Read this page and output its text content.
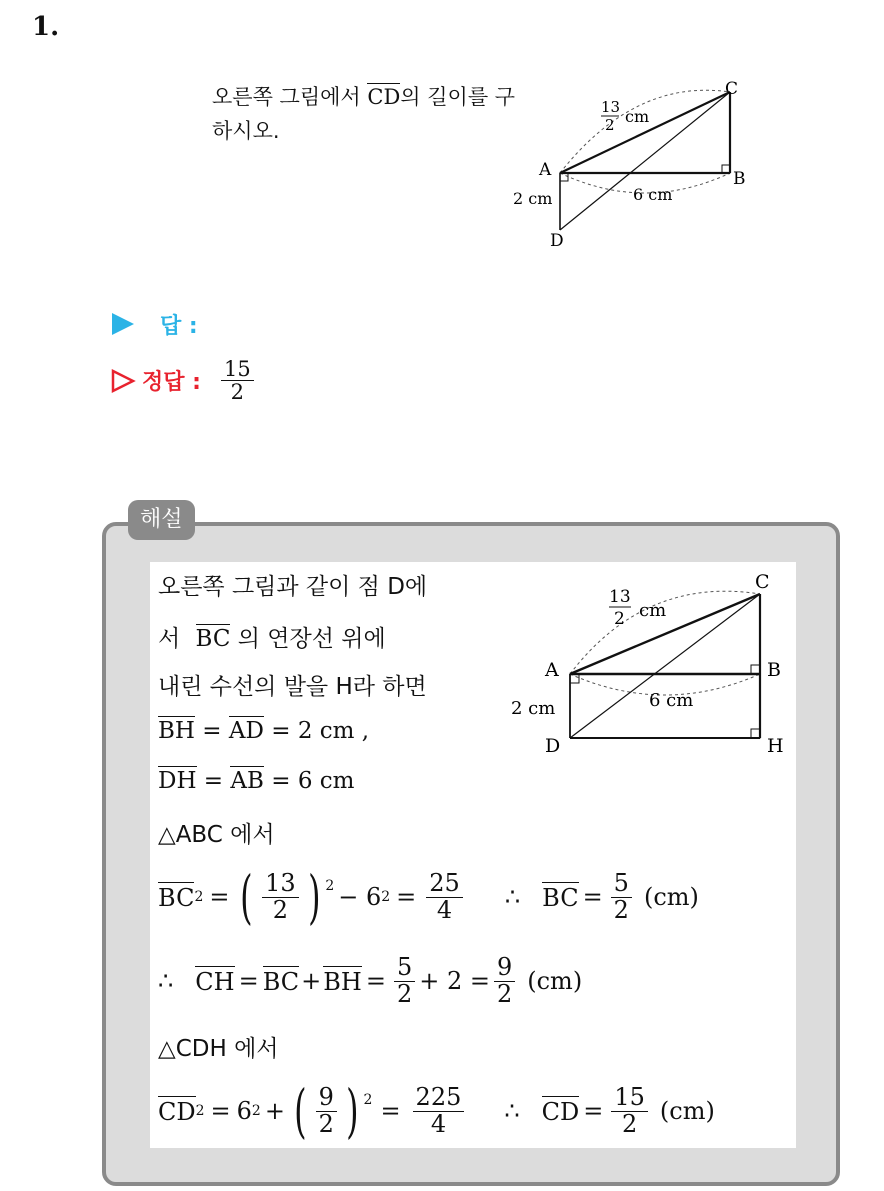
1.
오른쪽 그림에서 CD의 길이를 구하시오.
C
A	B
D
13
2 cm
6 cm
2 cm
답 :
정답 : $\frac{15}{2}$
해설
오른쪽 그림과 같이 점 D에
서 BC 의 연장선 위에
내린 수선의 발을 H라 하면
BH = AD = 2 cm ,
DH = AB = 6 cm
△ABC 에서
BC 2 = ( $\frac{13}{2}$ ) 2 − 6 $2 = \frac{25}{4}$ ∴ BC = $\frac{5}{2} (cm)$
∴ CH = BC + BH = $\frac{5}{2} + 2 = \frac{9}{2} (cm)$
△CDH 에서
CD 2 = 6 2 + ( $\frac{9}{2}$ ) $2 = \frac{225}{4}$ ∴ CD = $\frac{15}{2} (cm)$
C
A	B
D	H
13
2 cm
6 cm
2 cm
